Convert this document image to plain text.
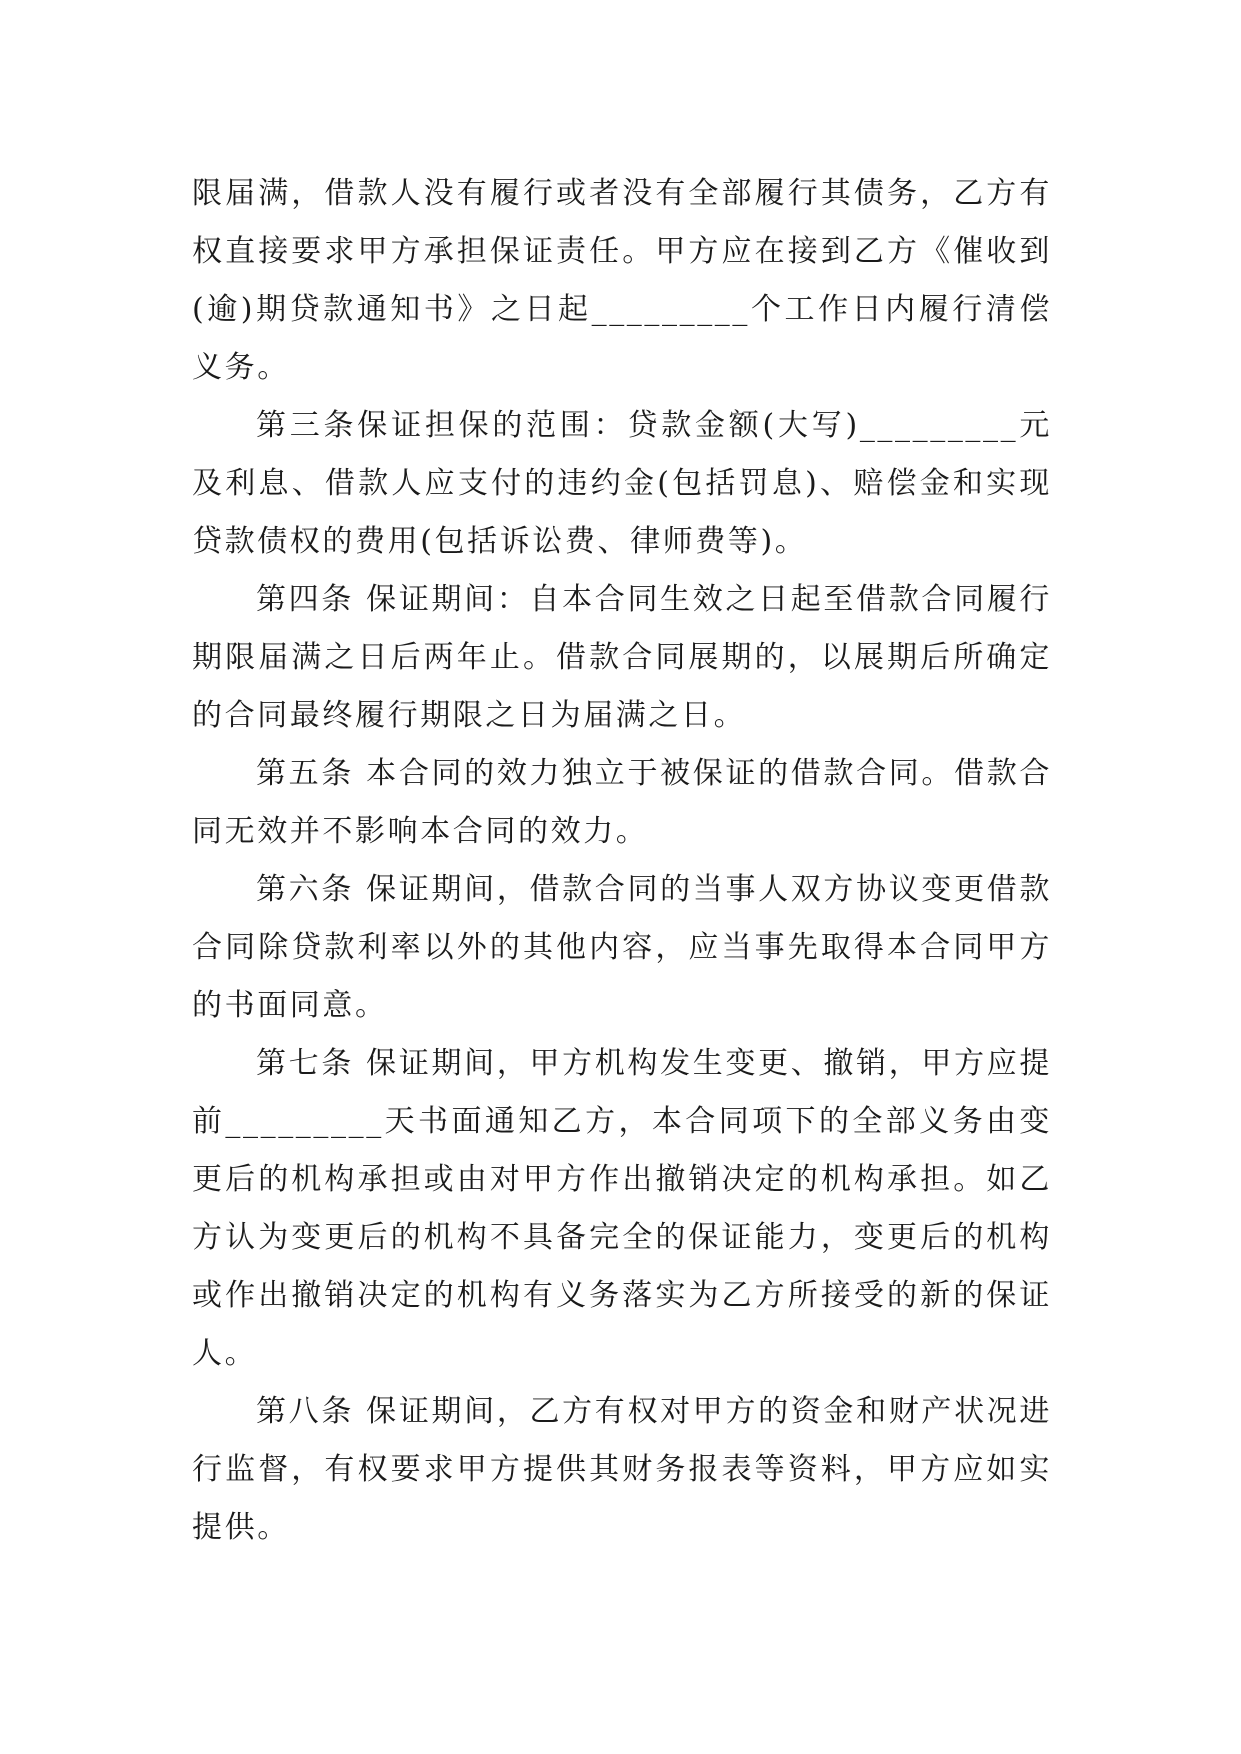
限届满，借款人没有履行或者没有全部履行其债务，乙方有权直接要求甲方承担保证责任。甲方应在接到乙方《催收到(逾)期贷款通知书》之日起_________个工作日内履行清偿义务。

第三条保证担保的范围：贷款金额(大写)_________元及利息、借款人应支付的违约金(包括罚息)、赔偿金和实现贷款债权的费用(包括诉讼费、律师费等)。

第四条 保证期间：自本合同生效之日起至借款合同履行期限届满之日后两年止。借款合同展期的，以展期后所确定的合同最终履行期限之日为届满之日。

第五条 本合同的效力独立于被保证的借款合同。借款合同无效并不影响本合同的效力。

第六条 保证期间，借款合同的当事人双方协议变更借款合同除贷款利率以外的其他内容，应当事先取得本合同甲方的书面同意。

第七条 保证期间，甲方机构发生变更、撤销，甲方应提前_________天书面通知乙方，本合同项下的全部义务由变更后的机构承担或由对甲方作出撤销决定的机构承担。如乙方认为变更后的机构不具备完全的保证能力，变更后的机构或作出撤销决定的机构有义务落实为乙方所接受的新的保证人。

第八条 保证期间，乙方有权对甲方的资金和财产状况进行监督，有权要求甲方提供其财务报表等资料，甲方应如实提供。
